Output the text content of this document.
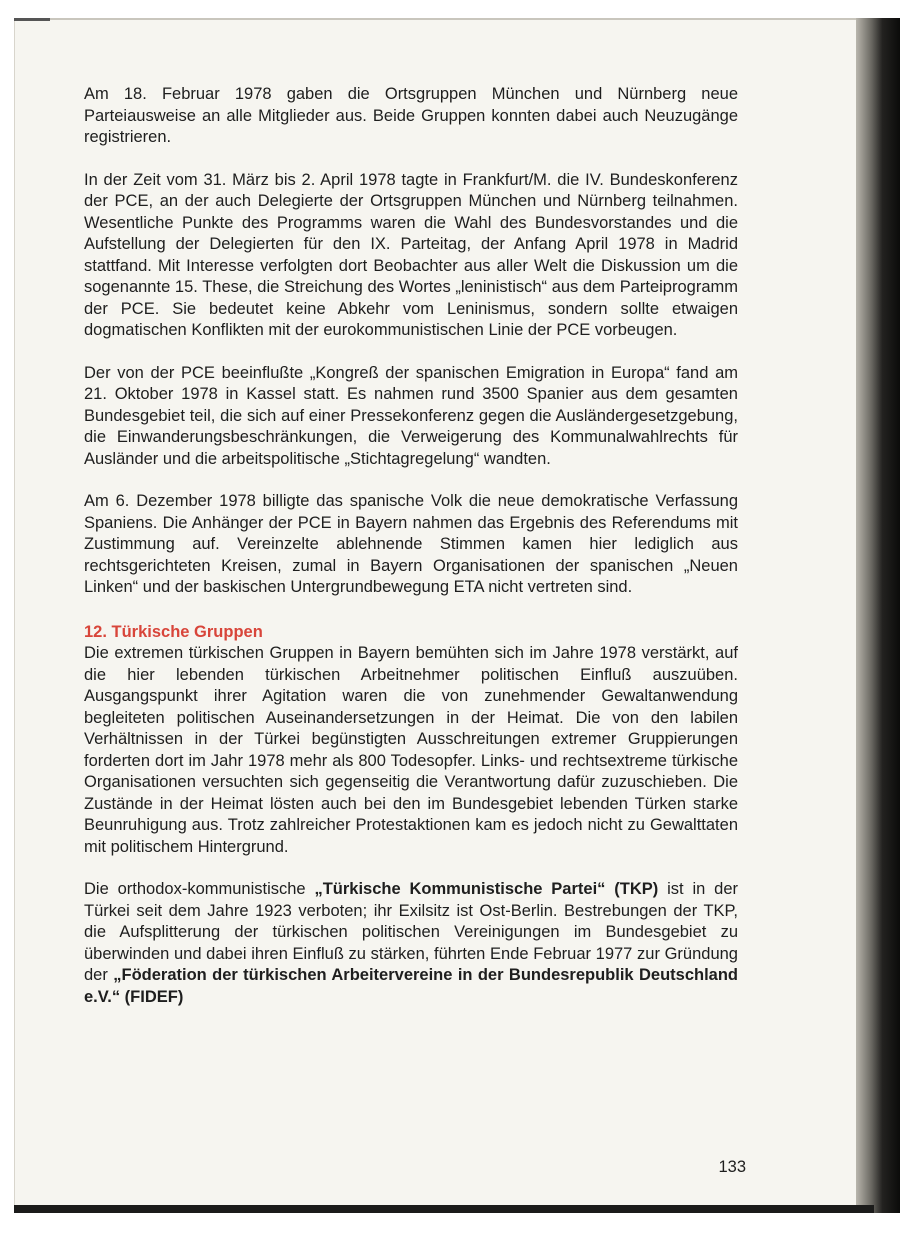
Am 18. Februar 1978 gaben die Ortsgruppen München und Nürnberg neue Parteiausweise an alle Mitglieder aus. Beide Gruppen konnten dabei auch Neuzugänge registrieren.

In der Zeit vom 31. März bis 2. April 1978 tagte in Frankfurt/M. die IV. Bundeskonferenz der PCE, an der auch Delegierte der Ortsgruppen München und Nürnberg teilnahmen. Wesentliche Punkte des Programms waren die Wahl des Bundesvorstandes und die Aufstellung der Delegierten für den IX. Parteitag, der Anfang April 1978 in Madrid stattfand. Mit Interesse verfolgten dort Beobachter aus aller Welt die Diskussion um die sogenannte 15. These, die Streichung des Wortes „leninistisch“ aus dem Parteiprogramm der PCE. Sie bedeutet keine Abkehr vom Leninismus, sondern sollte etwaigen dogmatischen Konflikten mit der eurokommunistischen Linie der PCE vorbeugen.

Der von der PCE beeinflußte „Kongreß der spanischen Emigration in Europa“ fand am 21. Oktober 1978 in Kassel statt. Es nahmen rund 3500 Spanier aus dem gesamten Bundesgebiet teil, die sich auf einer Pressekonferenz gegen die Ausländergesetzgebung, die Einwanderungsbeschränkungen, die Verweigerung des Kommunalwahlrechts für Ausländer und die arbeitspolitische „Stichtagregelung“ wandten.

Am 6. Dezember 1978 billigte das spanische Volk die neue demokratische Verfassung Spaniens. Die Anhänger der PCE in Bayern nahmen das Ergebnis des Referendums mit Zustimmung auf. Vereinzelte ablehnende Stimmen kamen hier lediglich aus rechtsgerichteten Kreisen, zumal in Bayern Organisationen der spanischen „Neuen Linken“ und der baskischen Untergrundbewegung ETA nicht vertreten sind.

12. Türkische Gruppen

Die extremen türkischen Gruppen in Bayern bemühten sich im Jahre 1978 verstärkt, auf die hier lebenden türkischen Arbeitnehmer politischen Einfluß auszuüben. Ausgangspunkt ihrer Agitation waren die von zunehmender Gewaltanwendung begleiteten politischen Auseinandersetzungen in der Heimat. Die von den labilen Verhältnissen in der Türkei begünstigten Ausschreitungen extremer Gruppierungen forderten dort im Jahr 1978 mehr als 800 Todesopfer. Links- und rechtsextreme türkische Organisationen versuchten sich gegenseitig die Verantwortung dafür zuzuschieben. Die Zustände in der Heimat lösten auch bei den im Bundesgebiet lebenden Türken starke Beunruhigung aus. Trotz zahlreicher Protestaktionen kam es jedoch nicht zu Gewalttaten mit politischem Hintergrund.

Die orthodox-kommunistische „Türkische Kommunistische Partei“ (TKP) ist in der Türkei seit dem Jahre 1923 verboten; ihr Exilsitz ist Ost-Berlin. Bestrebungen der TKP, die Aufsplitterung der türkischen politischen Vereinigungen im Bundesgebiet zu überwinden und dabei ihren Einfluß zu stärken, führten Ende Februar 1977 zur Gründung der „Föderation der türkischen Arbeitervereine in der Bundesrepublik Deutschland e.V.“ (FIDEF)

133
